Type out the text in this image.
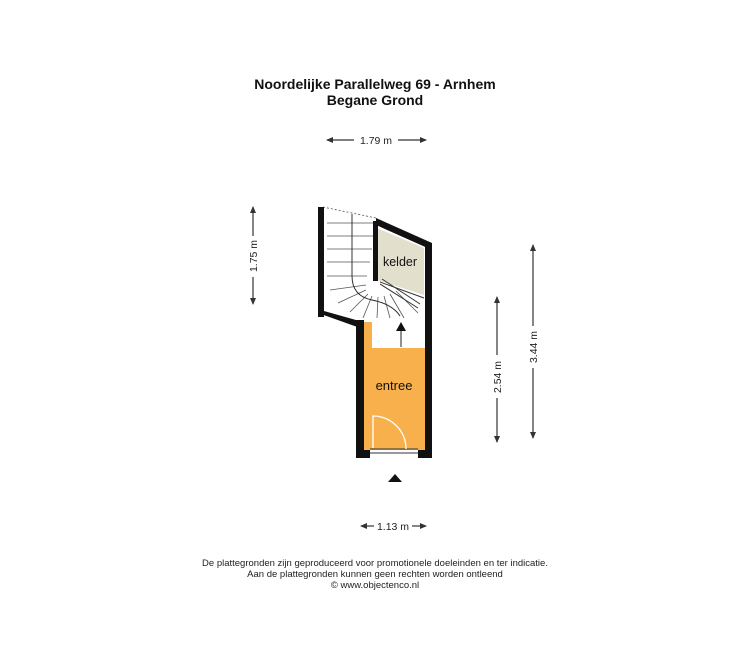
Noordelijke Parallelweg 69 - Arnhem
Begane Grond
1.79 m
1.75 m
2.54 m
3.44 m
1.13 m
kelder
entree
De plattegronden zijn geproduceerd voor promotionele doeleinden en ter indicatie.
Aan de plattegronden kunnen geen rechten worden ontleend
© www.objectenco.nl
